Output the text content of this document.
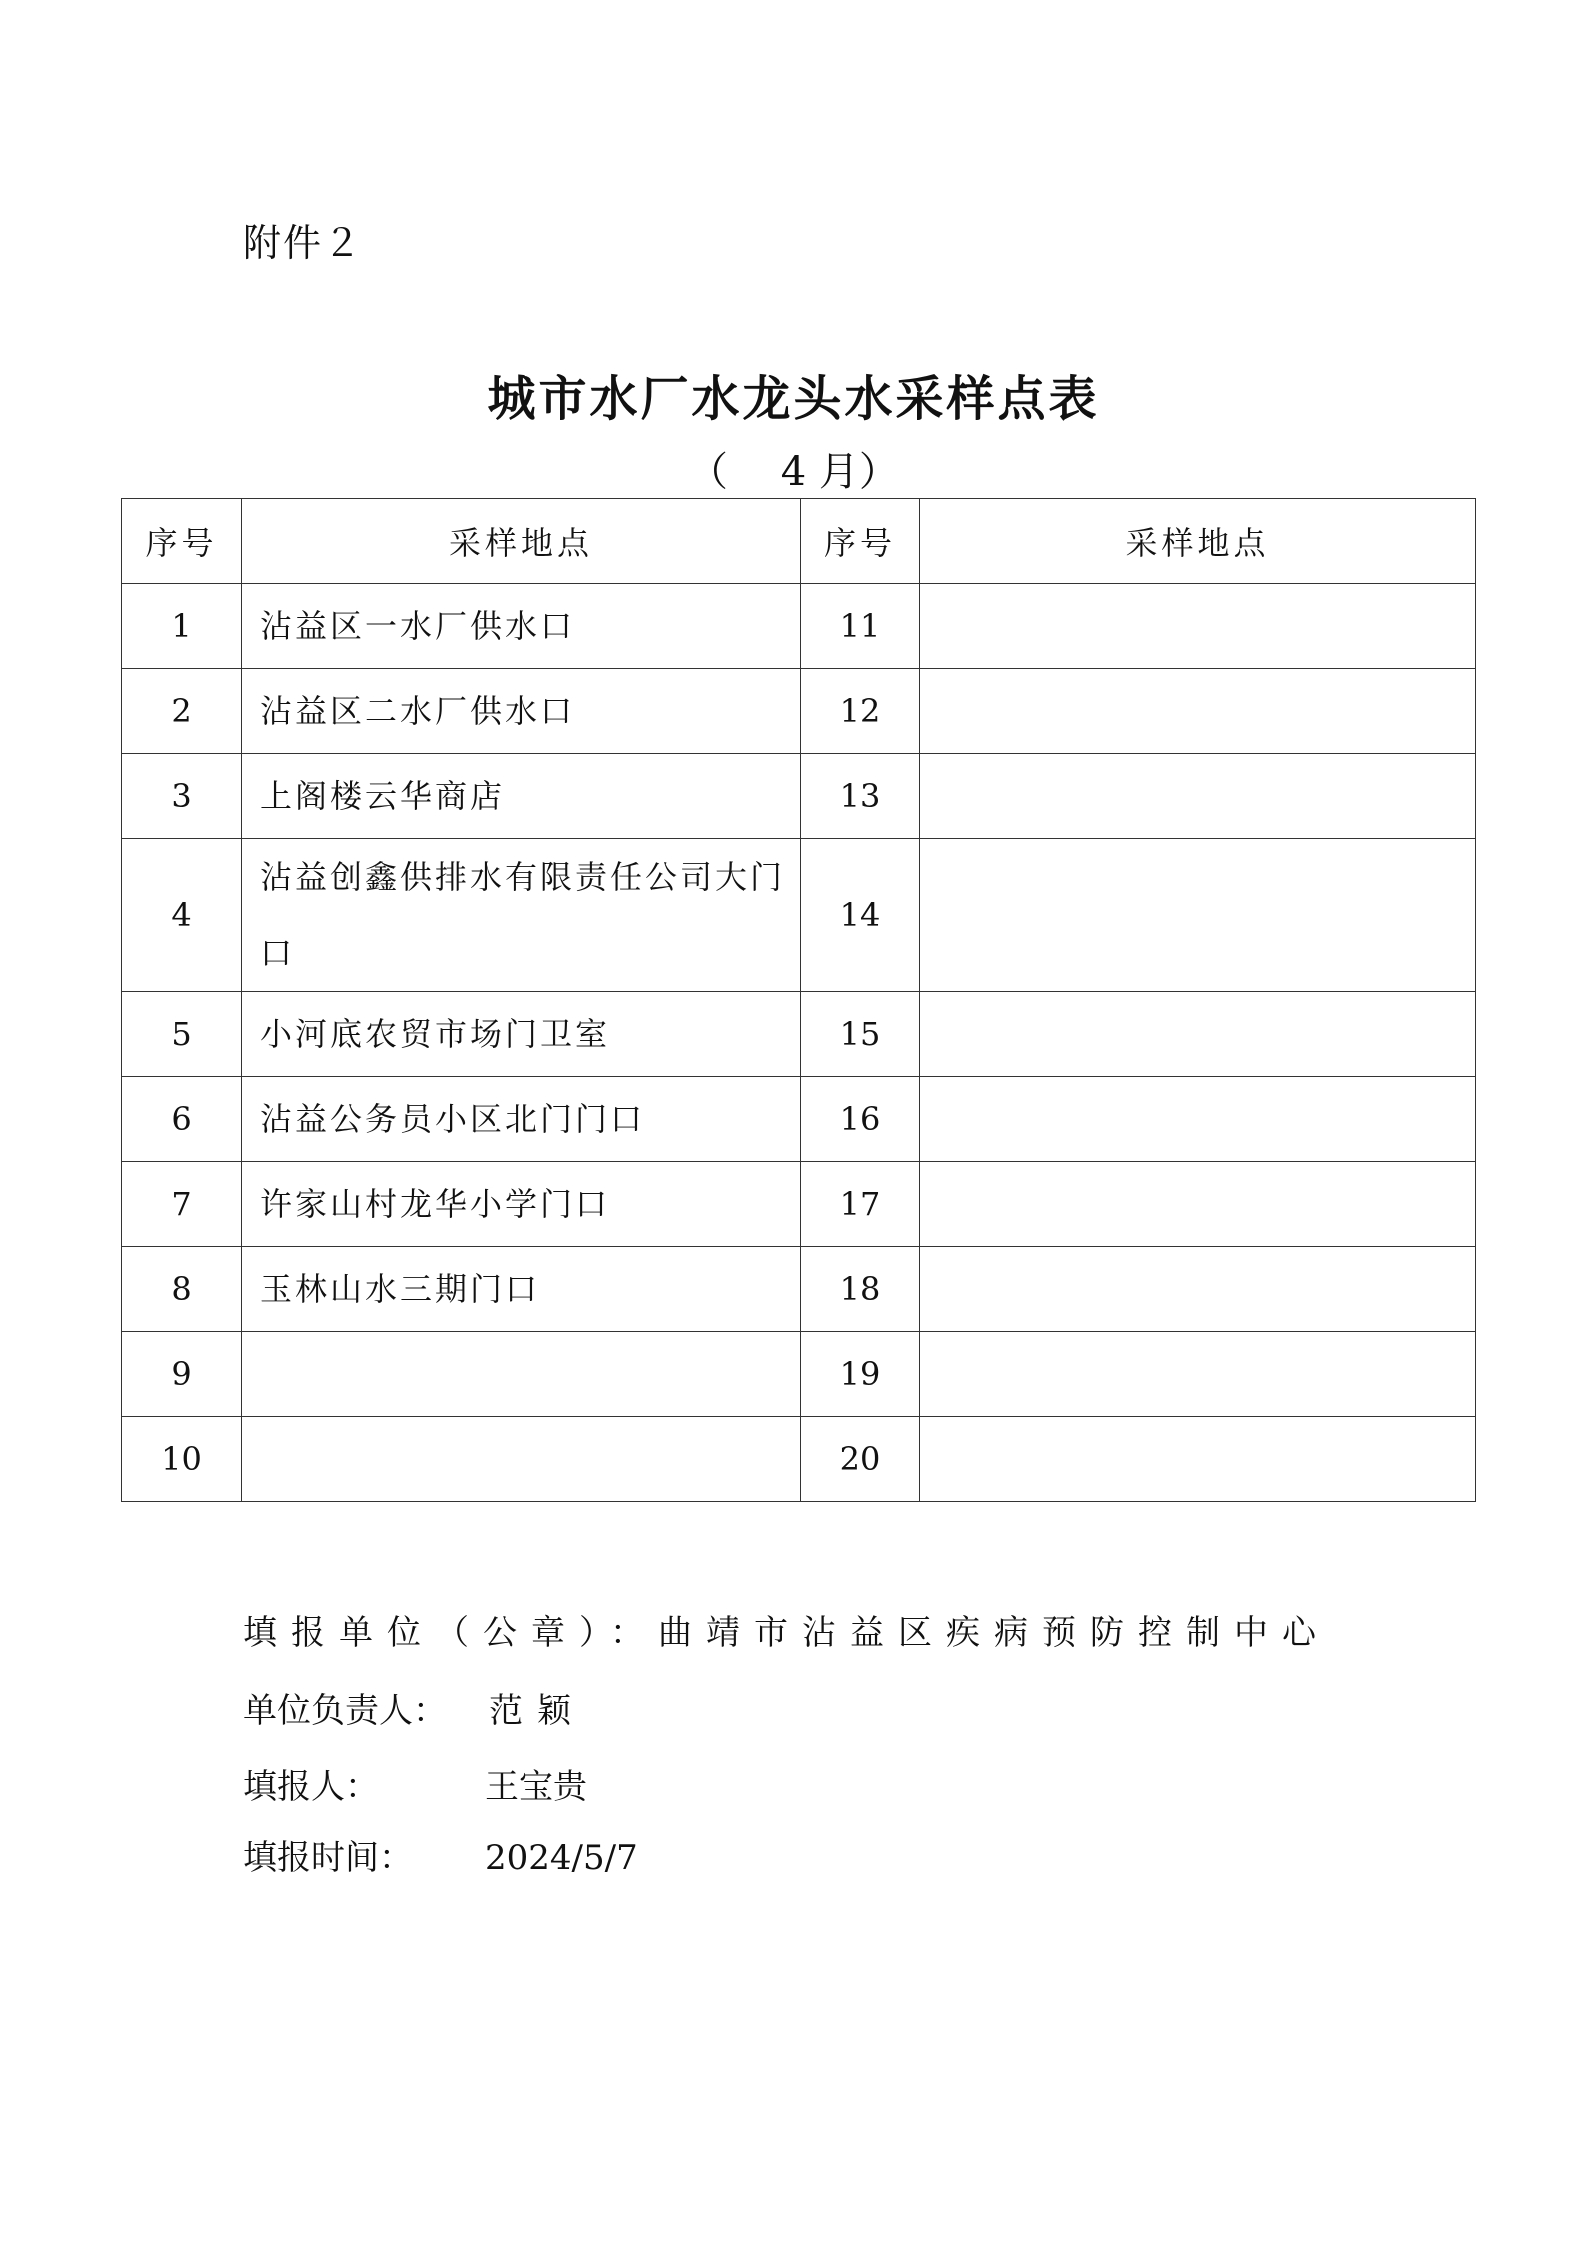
附件２
城市水厂水龙头水采样点表
（　 4 月）
序号	采样地点	序号	采样地点
1	沾益区一水厂供水口	11	
2	沾益区二水厂供水口	12	
3	上阁楼云华商店	13	
4	沾益创鑫供排水有限责任公司大门口	14	
5	小河底农贸市场门卫室	15	
6	沾益公务员小区北门门口	16	
7	许家山村龙华小学门口	17	
8	玉林山水三期门口	18	
9		19	
10		20	
填报单位（公章）：曲靖市沾益区疾病预防控制中心
单位负责人： 范颖
填报人：	王宝贵
填报时间： 2024/5/7
